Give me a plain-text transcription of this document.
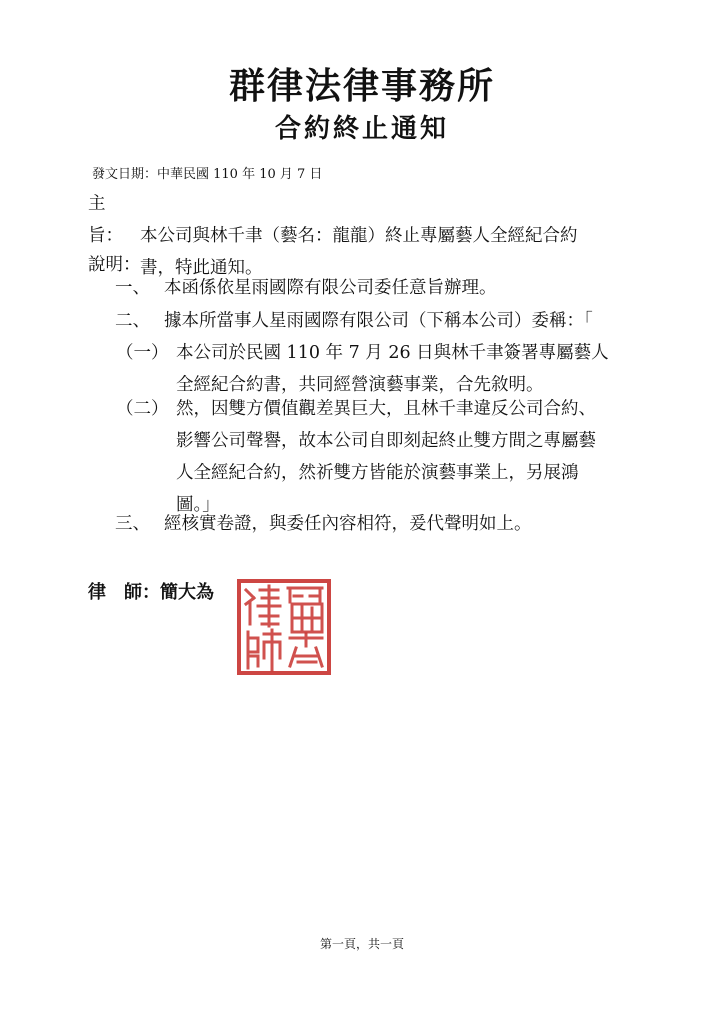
群律法律事務所
合約終止通知
發文日期：中華民國 110 年 10 月 7 日
主旨： 本公司與林千聿（藝名：龍龍）終止專屬藝人全經紀合約
書，特此通知。
說明：
一、 本函係依星雨國際有限公司委任意旨辦理。
二、 據本所當事人星雨國際有限公司（下稱本公司）委稱：「
（一） 本公司於民國 110 年 7 月 26 日與林千聿簽署專屬藝人
全經紀合約書，共同經營演藝事業，合先敘明。
（二） 然，因雙方價值觀差異巨大，且林千聿違反公司合約、
影響公司聲譽，故本公司自即刻起終止雙方間之專屬藝
人全經紀合約，然祈雙方皆能於演藝事業上，另展鴻
圖。」
三、 經核實卷證，與委任內容相符，爰代聲明如上。
律　師：簡大為
第一頁，共一頁
